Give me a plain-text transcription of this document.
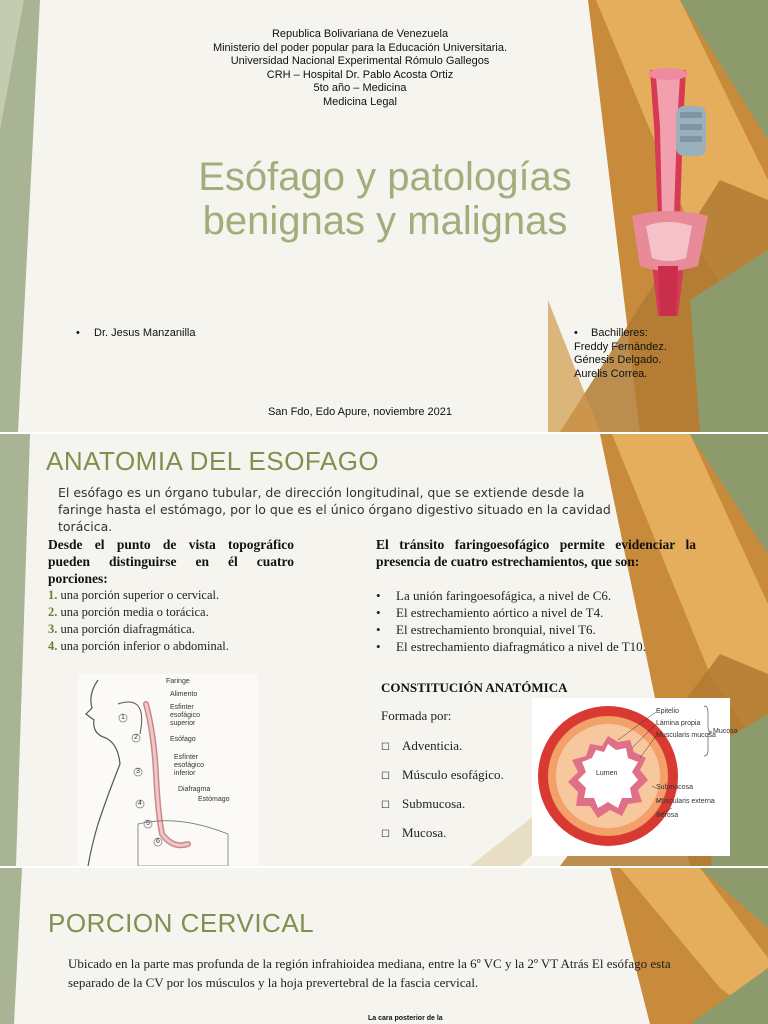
Republica Bolivariana de Venezuela
Ministerio del poder popular para la Educación Universitaria.
Universidad Nacional Experimental Rómulo Gallegos
CRH – Hospital Dr. Pablo Acosta Ortiz
5to año – Medicina
Medicina Legal
Esófago y patologías
benignas y malignas
• Dr. Jesus Manzanilla	• Bachilleres:
Freddy Fernández.
Génesis Delgado.
Aurelis Correa.
San Fdo, Edo Apure, noviembre 2021
ANATOMIA DEL ESOFAGO
El esófago es un órgano tubular, de dirección longitudinal, que se extiende desde la faringe hasta el estómago, por lo que es el único órgano digestivo situado en la cavidad torácica.
Desde el punto de vista topográfico pueden distinguirse en él cuatro porciones:
1. una porción superior o cervical.
2. una porción media o torácica.
3. una porción diafragmática.
4. una porción inferior o abdominal.
El tránsito faringoesofágico permite evidenciar la presencia de cuatro estrechamientos, que son:
• La unión faringoesofágica, a nivel de C6.
• El estrechamiento aórtico a nivel de T4.
• El estrechamiento bronquial, nivel T6.
• El estrechamiento diafragmático a nivel de T10.
CONSTITUCIÓN ANATÓMICA
Formada por:
☐ Adventicia.
☐ Músculo esofágico.
☐ Submucosa.
☐ Mucosa.
1
2
3
4
5
6
Faringe
Alimento
Esfinter esofágico superior
Esófago
Esfínter esofágico inferior
Diafragma
Estómago
Epitelio
Lámina propia
Muscularis mucosa
Mucosa
Lumen
Submucosa
Muscularis externa
Serosa
PORCION CERVICAL
Ubicado en la parte mas profunda de la región infrahioidea mediana, entre la 6º VC y la 2º VT Atrás El esófago esta separado de la CV por los músculos y la hoja prevertebral de la fascia cervical.
La cara posterior de la
